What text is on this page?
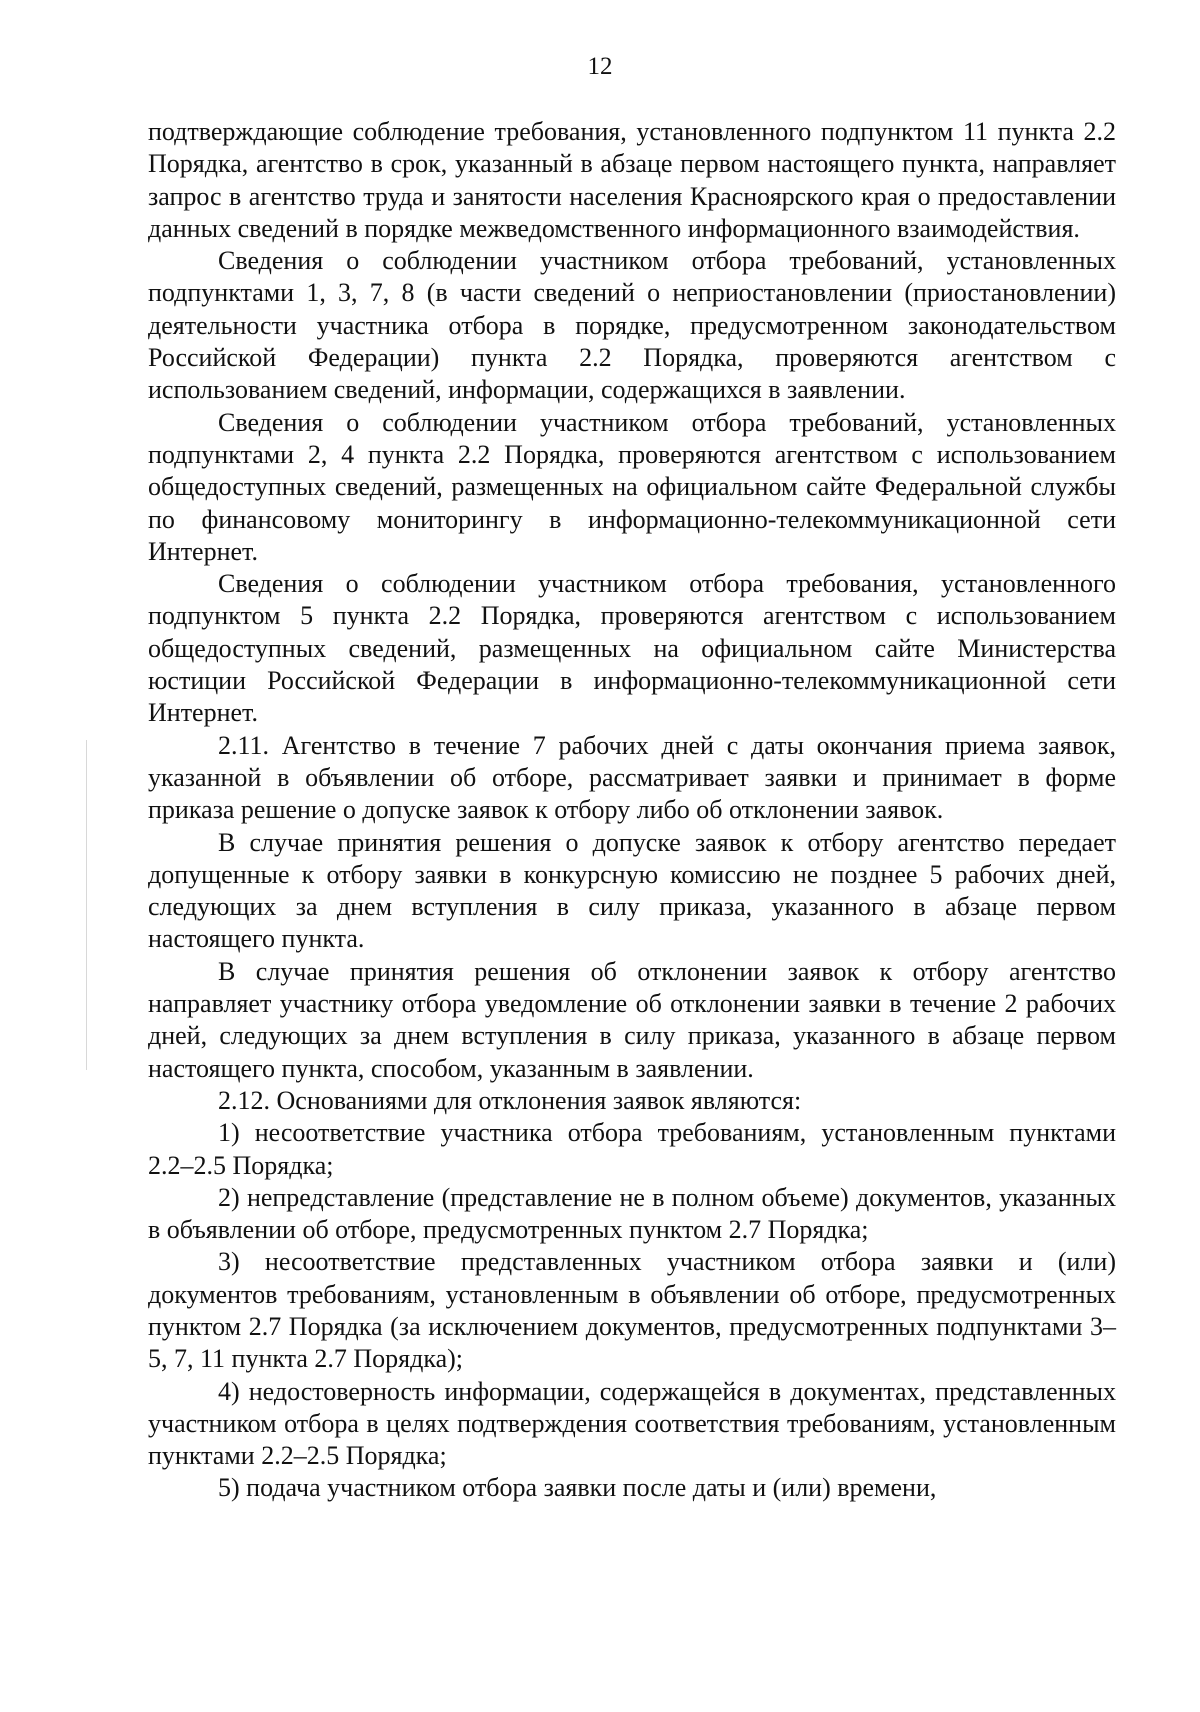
12

подтверждающие соблюдение требования, установленного подпунктом 11 пункта 2.2 Порядка, агентство в срок, указанный в абзаце первом настоящего пункта, направляет запрос в агентство труда и занятости населения Красноярского края о предоставлении данных сведений в порядке межведомственного информационного взаимодействия.

Сведения о соблюдении участником отбора требований, установленных подпунктами 1, 3, 7, 8 (в части сведений о неприостановлении (приостановлении) деятельности участника отбора в порядке, предусмотренном законодательством Российской Федерации) пункта 2.2 Порядка, проверяются агентством с использованием сведений, информации, содержащихся в заявлении.

Сведения о соблюдении участником отбора требований, установленных подпунктами 2, 4 пункта 2.2 Порядка, проверяются агентством с использованием общедоступных сведений, размещенных на официальном сайте Федеральной службы по финансовому мониторингу в информационно-телекоммуникационной сети Интернет.

Сведения о соблюдении участником отбора требования, установленного подпунктом 5 пункта 2.2 Порядка, проверяются агентством с использованием общедоступных сведений, размещенных на официальном сайте Министерства юстиции Российской Федерации в информационно-телекоммуникационной сети Интернет.

2.11. Агентство в течение 7 рабочих дней с даты окончания приема заявок, указанной в объявлении об отборе, рассматривает заявки и принимает в форме приказа решение о допуске заявок к отбору либо об отклонении заявок.

В случае принятия решения о допуске заявок к отбору агентство передает допущенные к отбору заявки в конкурсную комиссию не позднее 5 рабочих дней, следующих за днем вступления в силу приказа, указанного в абзаце первом настоящего пункта.

В случае принятия решения об отклонении заявок к отбору агентство направляет участнику отбора уведомление об отклонении заявки в течение 2 рабочих дней, следующих за днем вступления в силу приказа, указанного в абзаце первом настоящего пункта, способом, указанным в заявлении.

2.12. Основаниями для отклонения заявок являются:

1) несоответствие участника отбора требованиям, установленным пунктами 2.2–2.5 Порядка;

2) непредставление (представление не в полном объеме) документов, указанных в объявлении об отборе, предусмотренных пунктом 2.7 Порядка;

3) несоответствие представленных участником отбора заявки и (или) документов требованиям, установленным в объявлении об отборе, предусмотренных пунктом 2.7 Порядка (за исключением документов, предусмотренных подпунктами 3–5, 7, 11 пункта 2.7 Порядка);

4) недостоверность информации, содержащейся в документах, представленных участником отбора в целях подтверждения соответствия требованиям, установленным пунктами 2.2–2.5 Порядка;

5) подача участником отбора заявки после даты и (или) времени,
